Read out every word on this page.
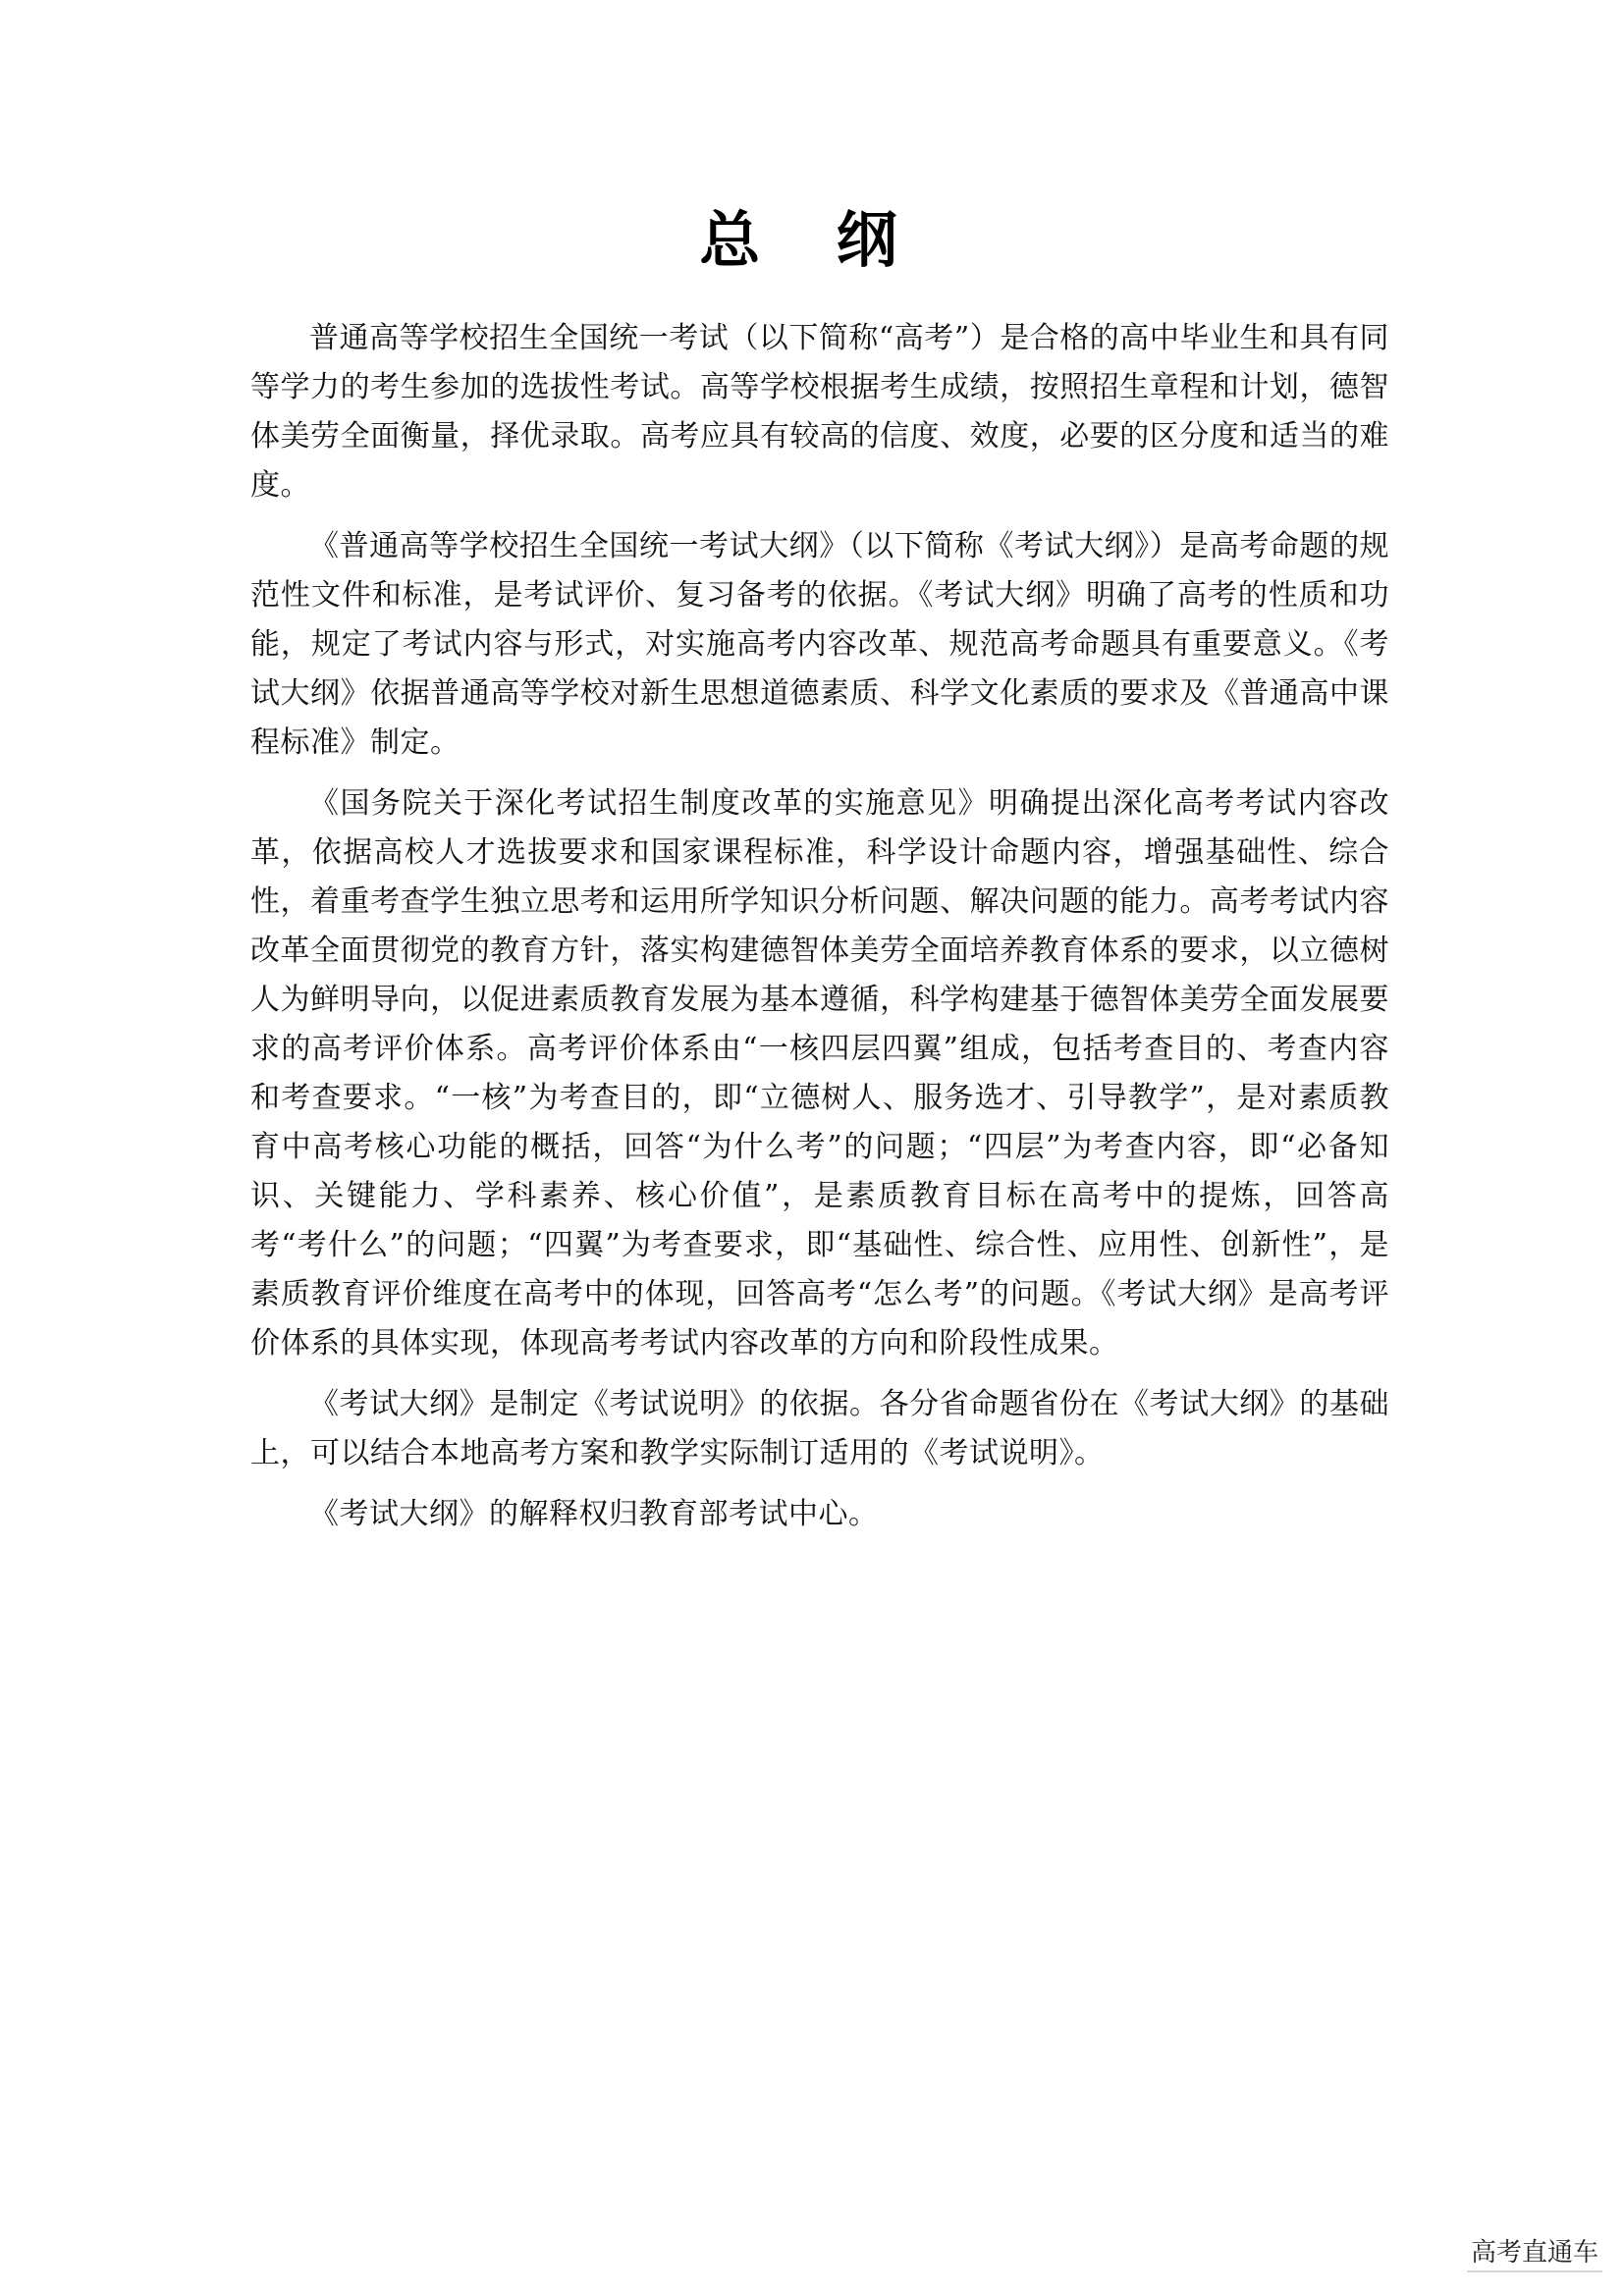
总 纲

普通高等学校招生全国统一考试（以下简称“高考”）是合格的高中毕业生和具有同等学力的考生参加的选拔性考试。高等学校根据考生成绩，按照招生章程和计划，德智体美劳全面衡量，择优录取。高考应具有较高的信度、效度，必要的区分度和适当的难度。

《普通高等学校招生全国统一考试大纲》（以下简称《考试大纲》）是高考命题的规范性文件和标准，是考试评价、复习备考的依据。《考试大纲》明确了高考的性质和功能，规定了考试内容与形式，对实施高考内容改革、规范高考命题具有重要意义。《考试大纲》依据普通高等学校对新生思想道德素质、科学文化素质的要求及《普通高中课程标准》制定。

《国务院关于深化考试招生制度改革的实施意见》明确提出深化高考考试内容改革，依据高校人才选拔要求和国家课程标准，科学设计命题内容，增强基础性、综合性，着重考查学生独立思考和运用所学知识分析问题、解决问题的能力。高考考试内容改革全面贯彻党的教育方针，落实构建德智体美劳全面培养教育体系的要求，以立德树人为鲜明导向，以促进素质教育发展为基本遵循，科学构建基于德智体美劳全面发展要求的高考评价体系。高考评价体系由“一核四层四翼”组成，包括考查目的、考查内容和考查要求。“一核”为考查目的，即“立德树人、服务选才、引导教学”，是对素质教育中高考核心功能的概括，回答“为什么考”的问题；“四层”为考查内容，即“必备知识、关键能力、学科素养、核心价值”，是素质教育目标在高考中的提炼，回答高考“考什么”的问题；“四翼”为考查要求，即“基础性、综合性、应用性、创新性”，是素质教育评价维度在高考中的体现，回答高考“怎么考”的问题。《考试大纲》是高考评价体系的具体实现，体现高考考试内容改革的方向和阶段性成果。

《考试大纲》是制定《考试说明》的依据。各分省命题省份在《考试大纲》的基础上，可以结合本地高考方案和教学实际制订适用的《考试说明》。

《考试大纲》的解释权归教育部考试中心。

高考直通车
